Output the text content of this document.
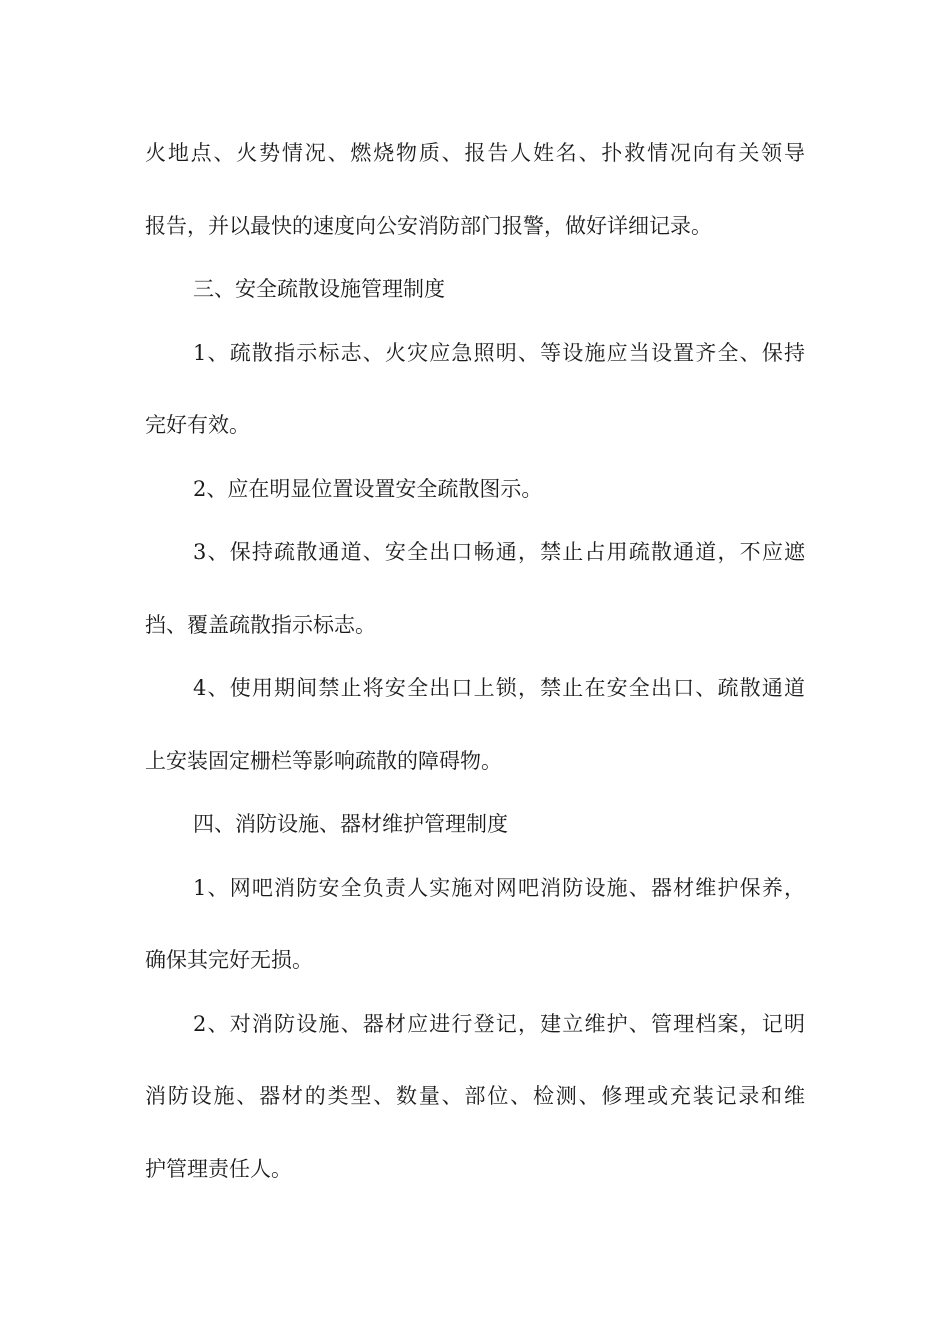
火地点、火势情况、燃烧物质、报告人姓名、扑救情况向有关领导
报告，并以最快的速度向公安消防部门报警，做好详细记录。
三、安全疏散设施管理制度
1、疏散指示标志、火灾应急照明、等设施应当设置齐全、保持
完好有效。
2、应在明显位置设置安全疏散图示。
3、保持疏散通道、安全出口畅通，禁止占用疏散通道，不应遮
挡、覆盖疏散指示标志。
4、使用期间禁止将安全出口上锁，禁止在安全出口、疏散通道
上安装固定栅栏等影响疏散的障碍物。
四、消防设施、器材维护管理制度
1、网吧消防安全负责人实施对网吧消防设施、器材维护保养，
确保其完好无损。
2、对消防设施、器材应进行登记，建立维护、管理档案，记明
消防设施、器材的类型、数量、部位、检测、修理或充装记录和维
护管理责任人。
